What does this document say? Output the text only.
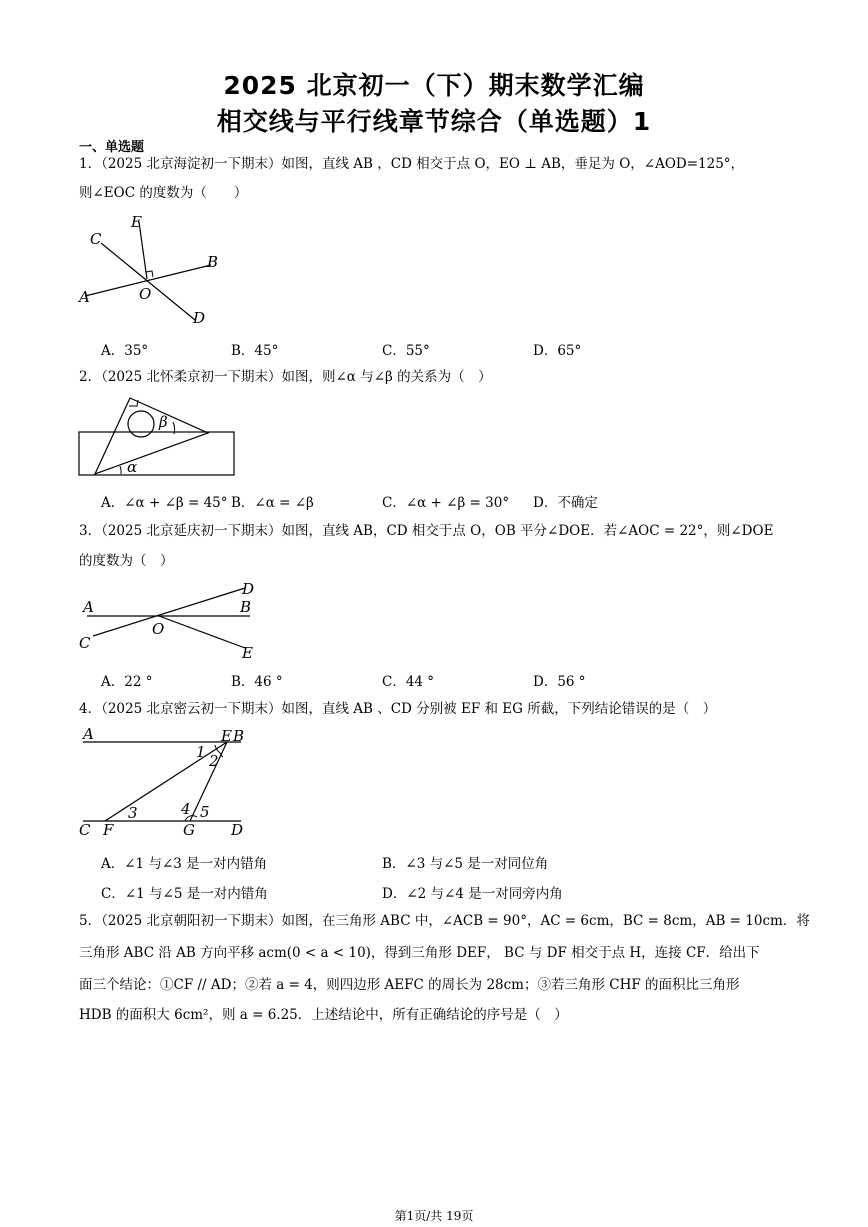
2025 北京初一（下）期末数学汇编
相交线与平行线章节综合（单选题）1
一、单选题
1．（2025 北京海淀初一下期末）如图，直线 AB ，CD 相交于点 O，EO ⊥ AB，垂足为 O，∠AOD=125°，
则∠EOC 的度数为（　　）
C
E
B
O
A
D
A．35°	B．45°	C．55°	D．65°
2．（2025 北怀柔京初一下期末）如图，则∠α 与∠β 的关系为（　）
β
α
A．∠α + ∠β = 45° B．∠α = ∠β	C．∠α + ∠β = 30° D．不确定
3．（2025 北京延庆初一下期末）如图，直线 AB，CD 相交于点 O，OB 平分∠DOE．若∠AOC = 22°，则∠DOE
的度数为（　）
D
A	B
O
C
E
A．22 °	B．46 °	C．44 °	D．56 °
4．（2025 北京密云初一下期末）如图，直线 AB 、CD 分别被 EF 和 EG 所截，下列结论错误的是（　）
A	E B
1 2
3	4 5
C F	G D
A．∠1 与∠3 是一对内错角	B．∠3 与∠5 是一对同位角
C．∠1 与∠5 是一对内错角	D．∠2 与∠4 是一对同旁内角
5．（2025 北京朝阳初一下期末）如图，在三角形 ABC 中，∠ACB = 90°，AC = 6cm，BC = 8cm，AB = 10cm．将
三角形 ABC 沿 AB 方向平移 acm(0 < a < 10)，得到三角形 DEF， BC 与 DF 相交于点 H，连接 CF．给出下
面三个结论：①CF // AD；②若 a = 4，则四边形 AEFC 的周长为 28cm；③若三角形 CHF 的面积比三角形
HDB 的面积大 6cm²，则 a = 6.25．上述结论中，所有正确结论的序号是（　）
第1页/共 19页
